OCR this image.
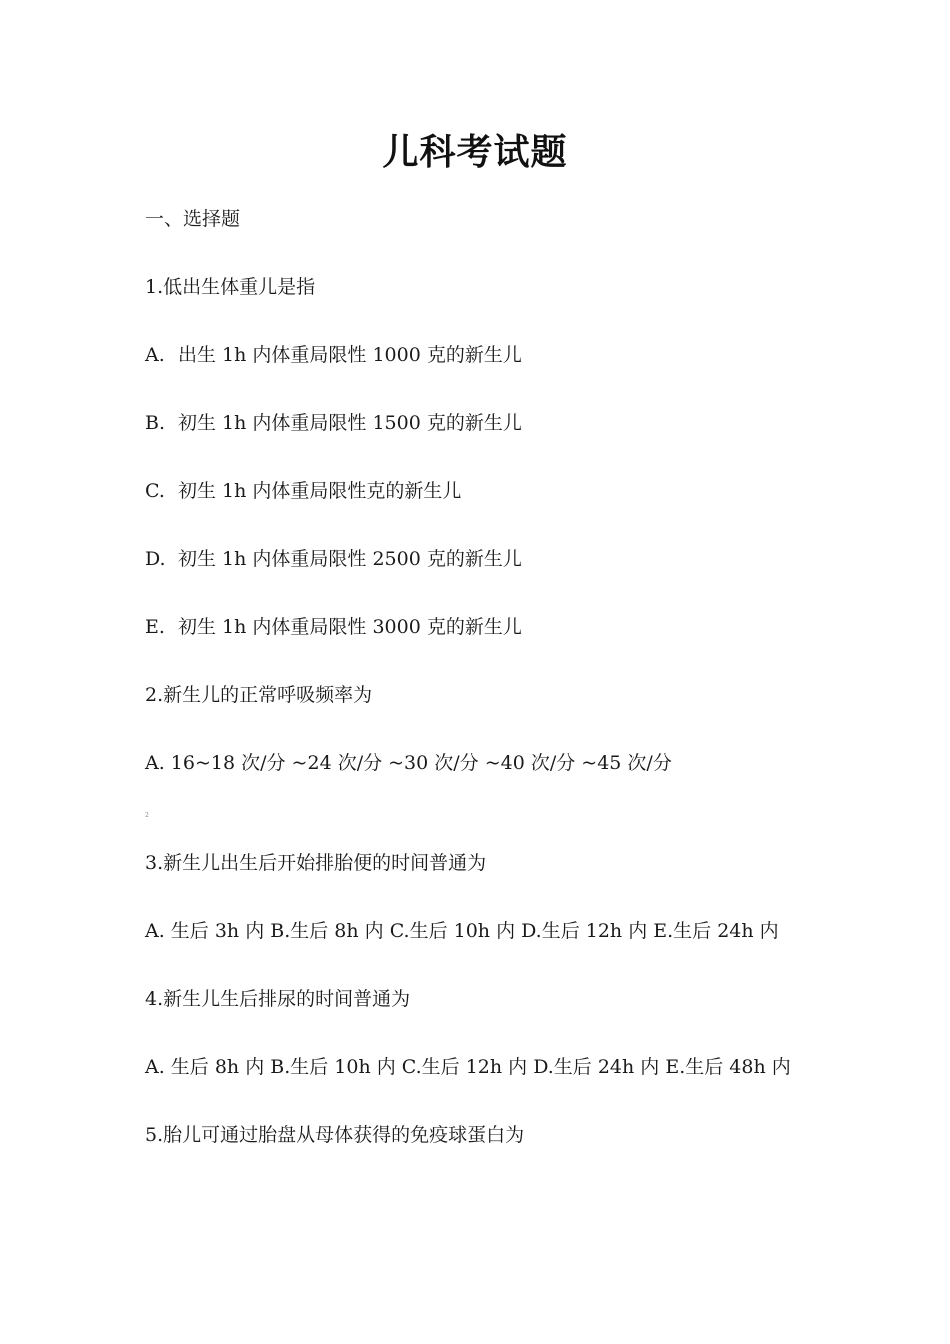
儿科考试题
一、选择题
1.低出生体重儿是指
A. 出生 1h 内体重局限性 1000 克的新生儿
B. 初生 1h 内体重局限性 1500 克的新生儿
C. 初生 1h 内体重局限性克的新生儿
D. 初生 1h 内体重局限性 2500 克的新生儿
E. 初生 1h 内体重局限性 3000 克的新生儿
2.新生儿的正常呼吸频率为
A. 16~18 次/分 ~24 次/分 ~30 次/分 ~40 次/分 ~45 次/分
2
3.新生儿出生后开始排胎便的时间普通为
A. 生后 3h 内 B.生后 8h 内 C.生后 10h 内 D.生后 12h 内 E.生后 24h 内
4.新生儿生后排尿的时间普通为
A. 生后 8h 内 B.生后 10h 内 C.生后 12h 内 D.生后 24h 内 E.生后 48h 内
5.胎儿可通过胎盘从母体获得的免疫球蛋白为
